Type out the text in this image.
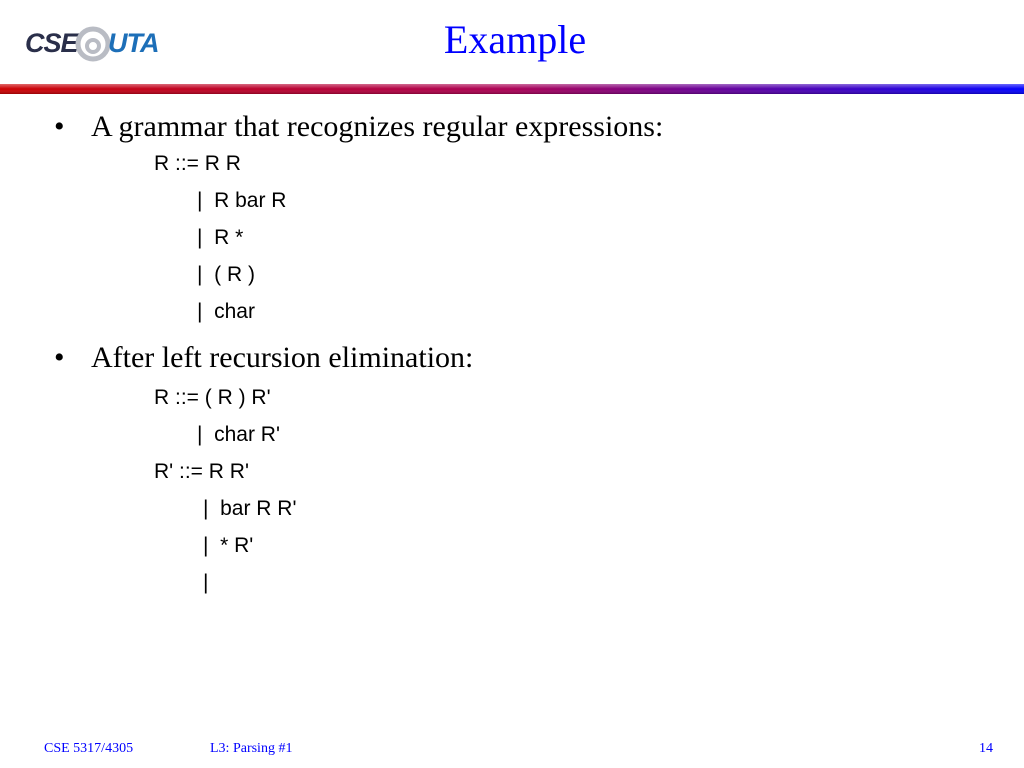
CSE UTA	Example
• A grammar that recognizes regular expressions:
R ::= R R
|  R bar R
|  R *
|  ( R )
|  char
• After left recursion elimination:
R ::= ( R ) R'
|  char R'
R' ::= R R'
|  bar R R'
|  * R'
|
CSE 5317/4305	L3: Parsing #1	14
